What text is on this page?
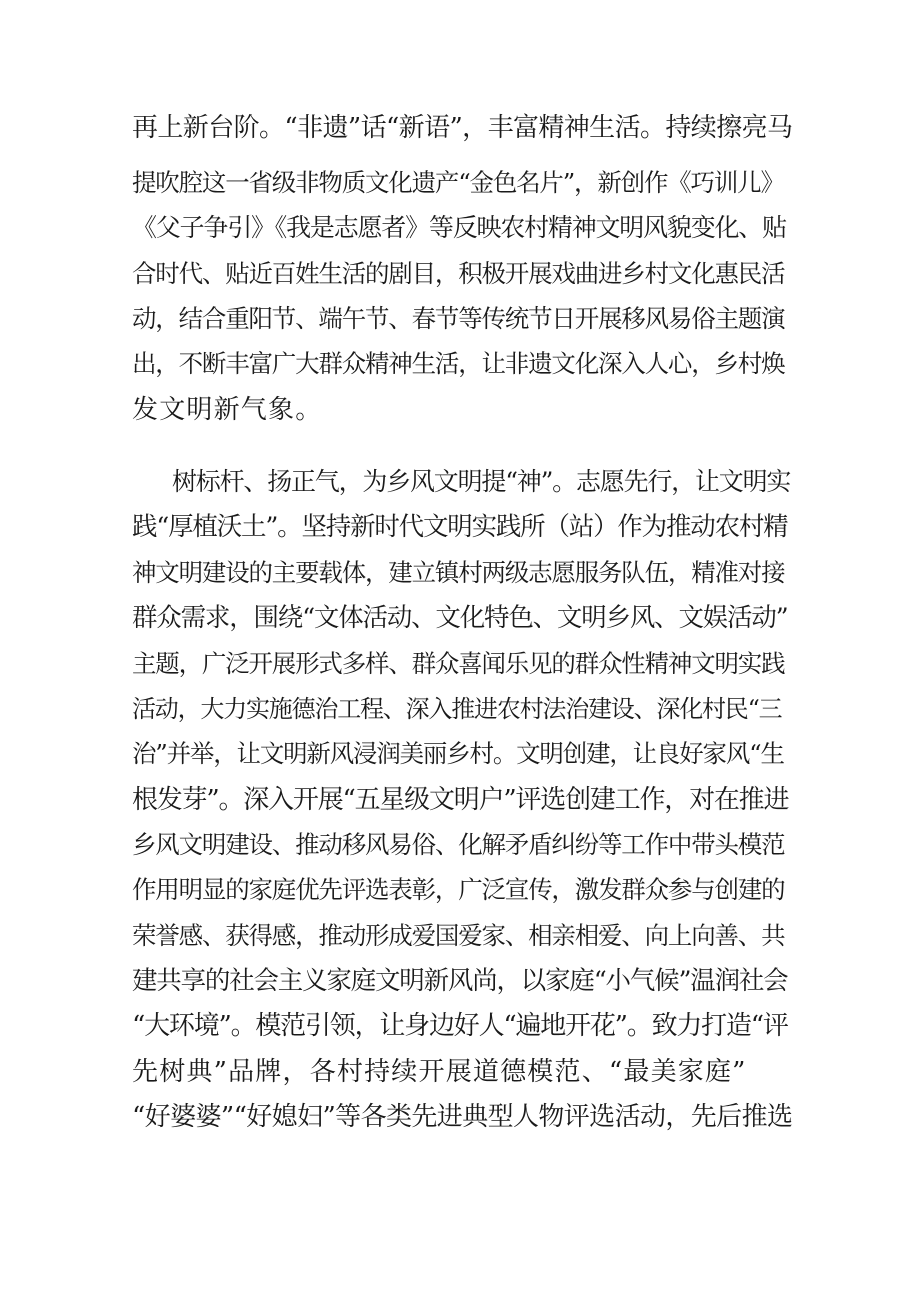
再上新台阶。“非遗”话“新语”，丰富精神生活。持续擦亮马
提吹腔这一省级非物质文化遗产“金色名片”，新创作《巧训儿》
《父子争引》《我是志愿者》等反映农村精神文明风貌变化、贴
合时代、贴近百姓生活的剧目，积极开展戏曲进乡村文化惠民活
动，结合重阳节、端午节、春节等传统节日开展移风易俗主题演
出，不断丰富广大群众精神生活，让非遗文化深入人心，乡村焕
发文明新气象。
树标杆、扬正气，为乡风文明提“神”。志愿先行，让文明实
践“厚植沃土”。坚持新时代文明实践所（站）作为推动农村精
神文明建设的主要载体，建立镇村两级志愿服务队伍，精准对接
群众需求，围绕“文体活动、文化特色、文明乡风、文娱活动”
主题，广泛开展形式多样、群众喜闻乐见的群众性精神文明实践
活动，大力实施德治工程、深入推进农村法治建设、深化村民“三
治”并举，让文明新风浸润美丽乡村。文明创建，让良好家风“生
根发芽”。深入开展“五星级文明户”评选创建工作，对在推进
乡风文明建设、推动移风易俗、化解矛盾纠纷等工作中带头模范
作用明显的家庭优先评选表彰，广泛宣传，激发群众参与创建的
荣誉感、获得感，推动形成爱国爱家、相亲相爱、向上向善、共
建共享的社会主义家庭文明新风尚，以家庭“小气候”温润社会
“大环境”。模范引领，让身边好人“遍地开花”。致力打造“评
先树典”品牌，各村持续开展道德模范、“最美家庭”
“好婆婆”“好媳妇”等各类先进典型人物评选活动，先后推选
